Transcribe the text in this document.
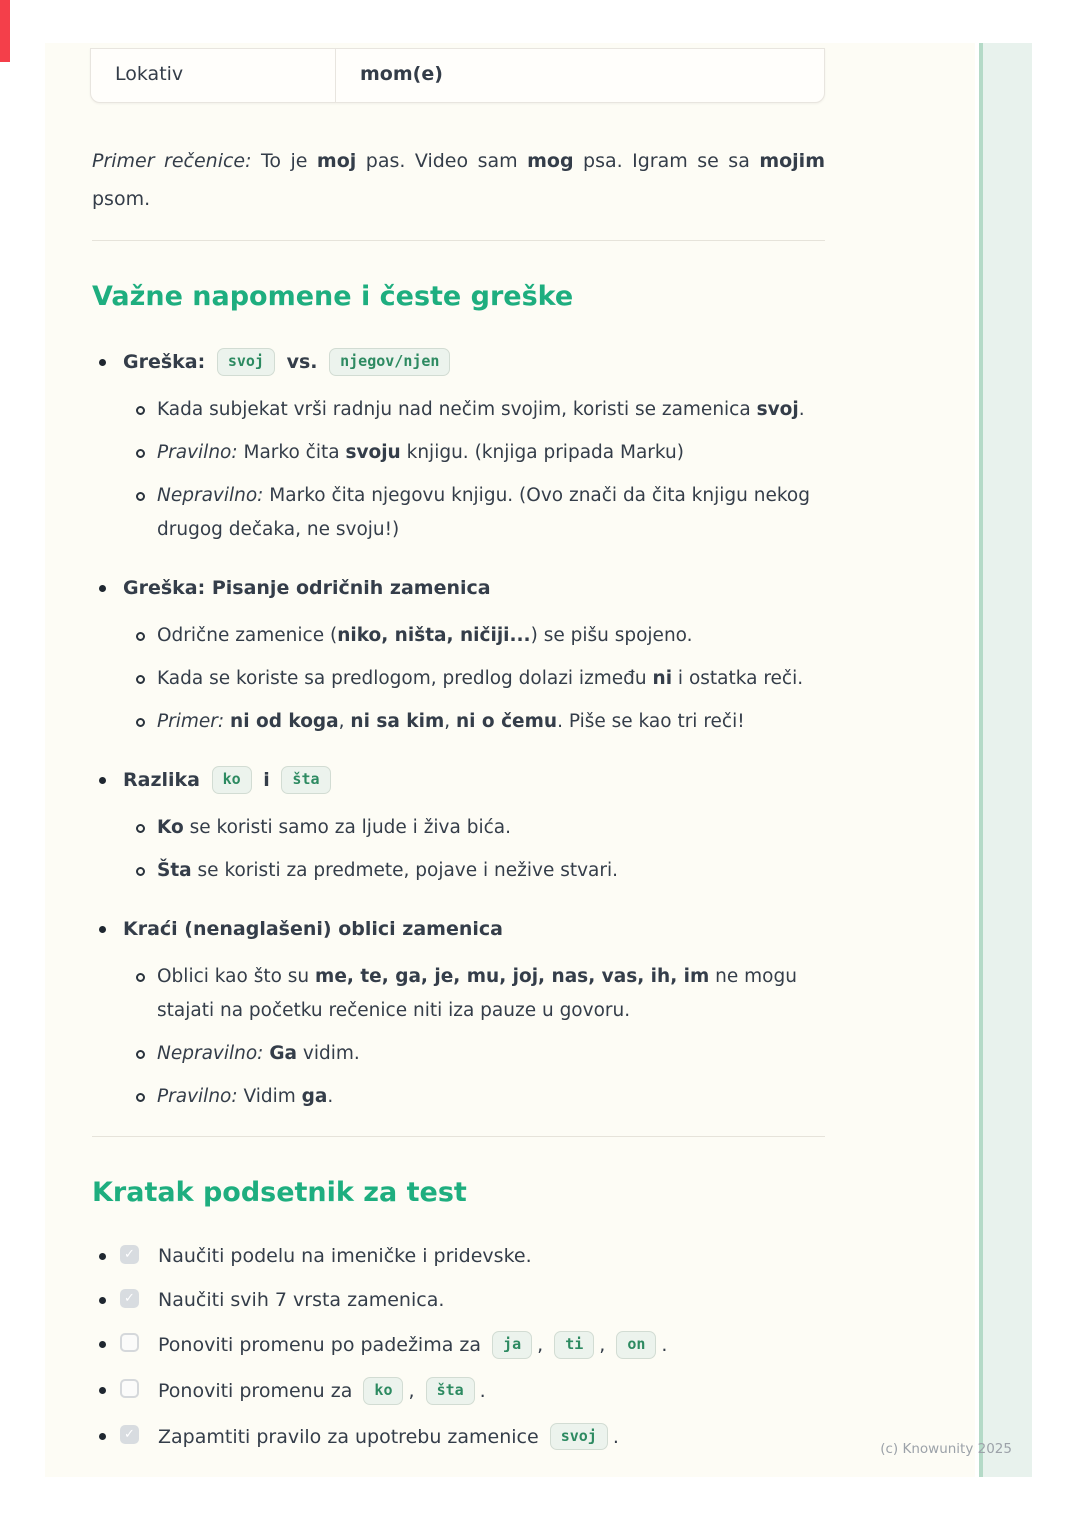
Lokativ	mom(e)

Primer rečenice: To je moj pas. Video sam mog psa. Igram se sa mojim psom.

Važne napomene i česte greške
Greška: svoj vs. njegov/njen
Kada subjekat vrši radnju nad nečim svojim, koristi se zamenica svoj.
Pravilno: Marko čita svoju knjigu. (knjiga pripada Marku)
Nepravilno: Marko čita njegovu knjigu. (Ovo znači da čita knjigu nekog drugog dečaka, ne svoju!)
Greška: Pisanje odričnih zamenica
Odrične zamenice (niko, ništa, ničiji...) se pišu spojeno.
Kada se koriste sa predlogom, predlog dolazi između ni i ostatka reči.
Primer: ni od koga, ni sa kim, ni o čemu. Piše se kao tri reči!
Razlika ko i šta
Ko se koristi samo za ljude i živa bića.
Šta se koristi za predmete, pojave i nežive stvari.
Kraći (nenaglašeni) oblici zamenica
Oblici kao što su me, te, ga, je, mu, joj, nas, vas, ih, im ne mogu stajati na početku rečenice niti iza pauze u govoru.
Nepravilno: Ga vidim.
Pravilno: Vidim ga.
Kratak podsetnik za test
✓ Naučiti podelu na imeničke i pridevske.
✓ Naučiti svih 7 vrsta zamenica.
Ponoviti promenu po padežima za ja , ti , on .
Ponoviti promenu za ko , šta .
✓ Zapamtiti pravilo za upotrebu zamenice svoj .
(c) Knowunity 2025
